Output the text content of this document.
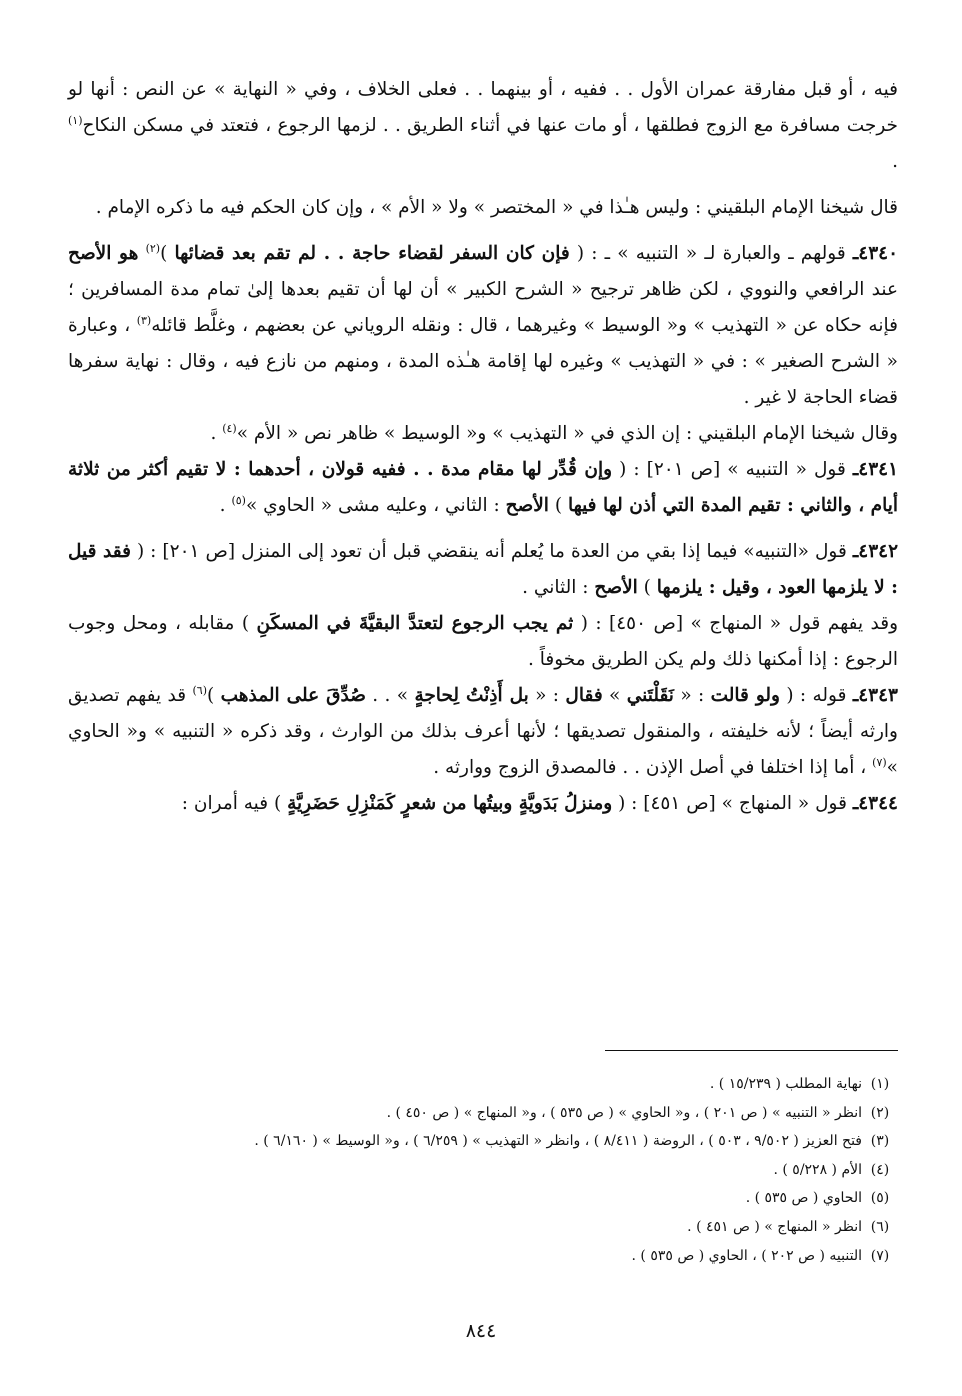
فيه ، أو قبل مفارقة عمران الأول . . ففيه ، أو بينهما . . فعلى الخلاف ، وفي « النهاية » عن النص : أنها لو خرجت مسافرة مع الزوج فطلقها ، أو مات عنها في أثناء الطريق . . لزمها الرجوع ، فتعتد في مسكن النكاح$^{(١)}$ .

قال شيخنا الإمام البلقيني : وليس هـٰذا في « المختصر » ولا « الأم » ، وإن كان الحكم فيه ما ذكره الإمام .

٤٣٤٠ـ قولهم ـ والعبارة لـ « التنبيه » ـ : ( فإن كان السفر لقضاء حاجة . . لم تقم بعد قضائها )$^{(٢)}$ هو الأصح عند الرافعي والنووي ، لكن ظاهر ترجيح « الشرح الكبير » أن لها أن تقيم بعدها إلىٰ تمام مدة المسافرين ؛ فإنه حكاه عن « التهذيب » و« الوسيط » وغيرهما ، قال : ونقله الروياني عن بعضهم ، وغلَّط قائله$^{(٣)}$ ، وعبارة « الشرح الصغير » : في « التهذيب » وغيره لها إقامة هـٰذه المدة ، ومنهم من نازع فيه ، وقال : نهاية سفرها قضاء الحاجة لا غير .

وقال شيخنا الإمام البلقيني : إن الذي في « التهذيب » و« الوسيط » ظاهر نص « الأم »$^{(٤)}$ .

٤٣٤١ـ قول « التنبيه » [ص ٢٠١] : ( وإن قُدِّر لها مقام مدة . . ففيه قولان ، أحدهما : لا تقيم أكثر من ثلاثة أيام ، والثاني : تقيم المدة التي أذن لها فيها ) الأصح : الثاني ، وعليه مشى « الحاوي »$^{(٥)}$ .

٤٣٤٢ـ قول «التنبيه» فيما إذا بقي من العدة ما يُعلم أنه ينقضي قبل أن تعود إلى المنزل [ص ٢٠١] : ( فقد قيل : لا يلزمها العود ، وقيل : يلزمها ) الأصح : الثاني .

وقد يفهم قول « المنهاج » [ص ٤٥٠] : ( ثم يجب الرجوع لتعتدَّ البقيَّةَ في المسكَنِ ) مقابله ، ومحل وجوب الرجوع : إذا أمكنها ذلك ولم يكن الطريق مخوفاً .

٤٣٤٣ـ قوله : ( ولو قالت : « نَقَلْتَني » فقال : « بل أَذِنْتُ لِحاجةٍ » . . صُدِّقَ على المذهب )$^{(٦)}$ قد يفهم تصديق وارثه أيضاً ؛ لأنه خليفته ، والمنقول تصديقها ؛ لأنها أعرف بذلك من الوارث ، وقد ذكره « التنبيه » و« الحاوي »$^{(٧)}$ ، أما إذا اختلفا في أصل الإذن . . فالمصدق الزوج ووارثه .

٤٣٤٤ـ قول « المنهاج » [ص ٤٥١] : ( ومنزلُ بَدَويَّةٍ وبيتُها من شعرٍ كَمَنْزِلِ حَضَرِيَّةٍ ) فيه أمران :

(١)
نهاية المطلب ( ١٥/٢٣٩ ) .
(٢)
انظر « التنبيه » ( ص ٢٠١ ) ، و« الحاوي » ( ص ٥٣٥ ) ، و« المنهاج » ( ص ٤٥٠ ) .
(٣)
فتح العزيز ( ٩/٥٠٢ ، ٥٠٣ ) ، الروضة ( ٨/٤١١ ) ، وانظر « التهذيب » ( ٦/٢٥٩ ) ، و« الوسيط » ( ٦/١٦٠ ) .
(٤)
الأم ( ٥/٢٢٨ ) .
(٥)
الحاوي ( ص ٥٣٥ ) .
(٦)
انظر « المنهاج » ( ص ٤٥١ ) .
(٧)
التنبيه ( ص ٢٠٢ ) ، الحاوي ( ص ٥٣٥ ) .
٨٤٤
